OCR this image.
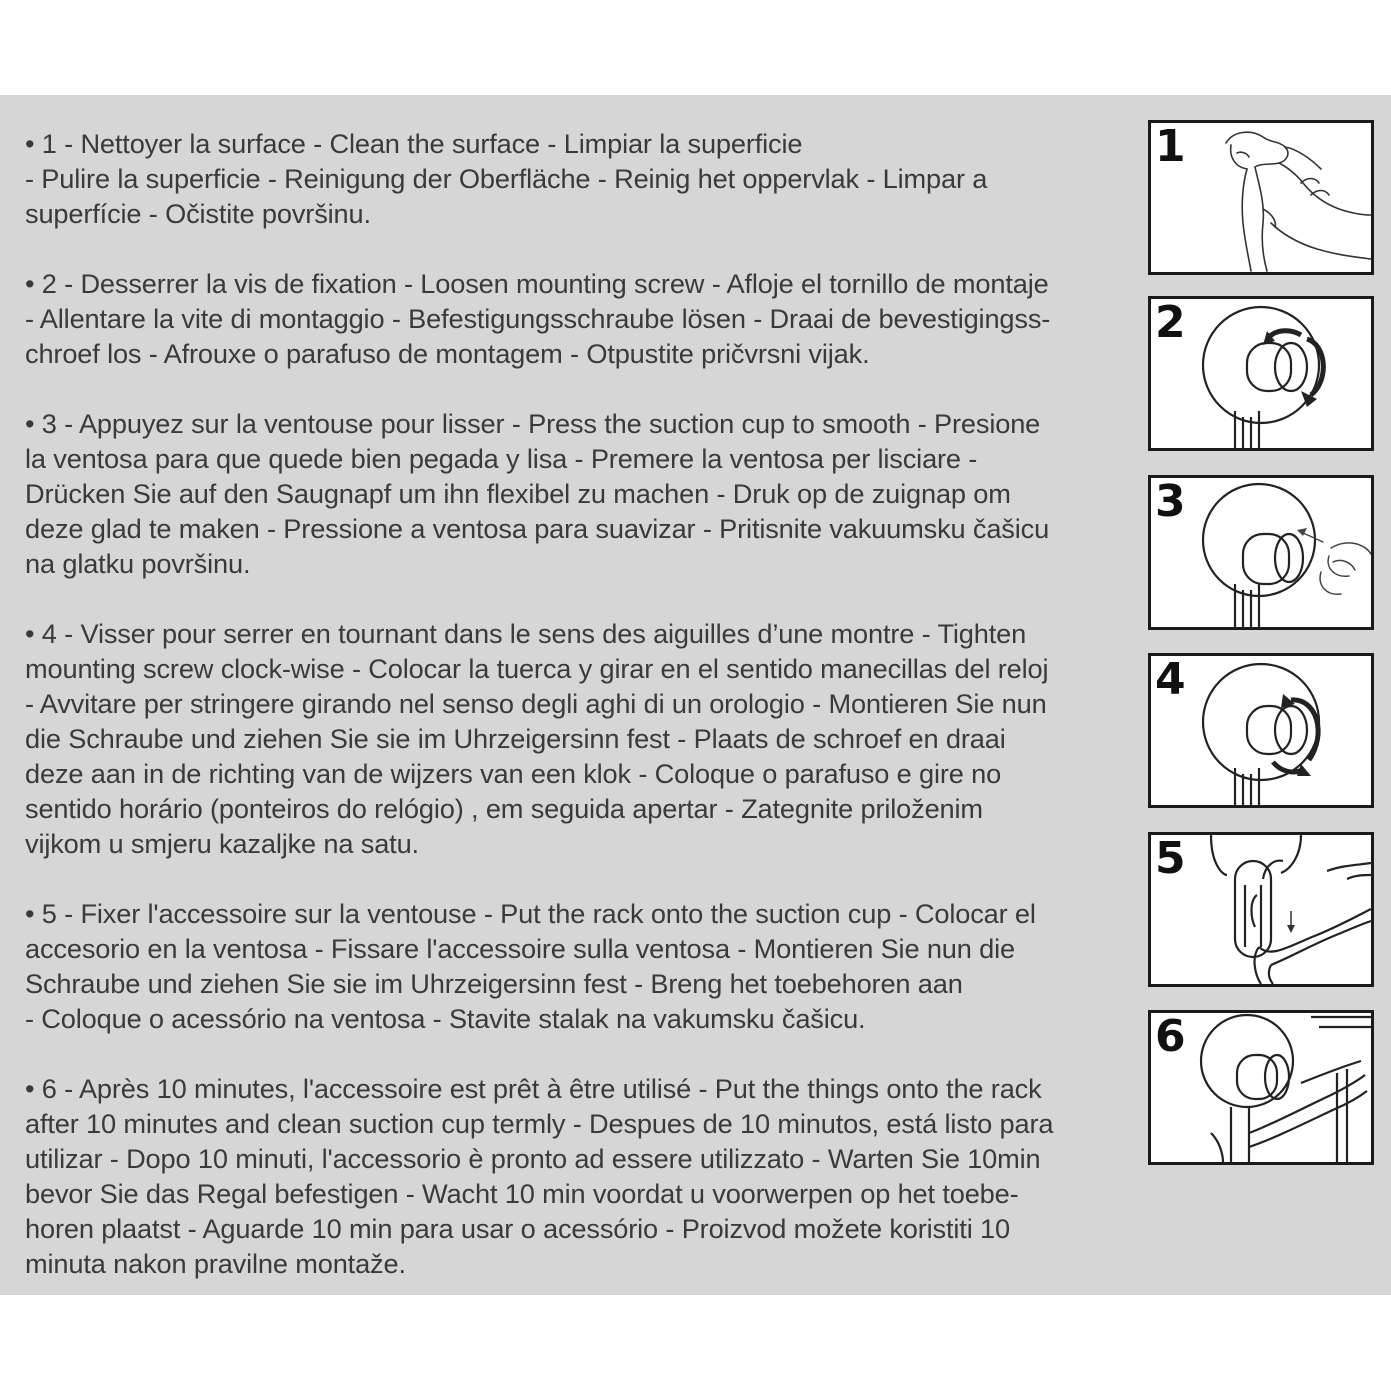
• 1 - Nettoyer la surface - Clean the surface - Limpiar la superficie
- Pulire la superficie - Reinigung der Oberfläche - Reinig het oppervlak - Limpar a
superfície - Očistite površinu.
• 2 - Desserrer la vis de fixation - Loosen mounting screw - Afloje el tornillo de montaje
- Allentare la vite di montaggio - Befestigungsschraube lösen - Draai de bevestigingss-
chroef los - Afrouxe o parafuso de montagem - Otpustite pričvrsni vijak.
• 3 - Appuyez sur la ventouse pour lisser - Press the suction cup to smooth - Presione
la ventosa para que quede bien pegada y lisa - Premere la ventosa per lisciare -
Drücken Sie auf den Saugnapf um ihn flexibel zu machen - Druk op de zuignap om
deze glad te maken - Pressione a ventosa para suavizar - Pritisnite vakuumsku čašicu
na glatku površinu.
• 4 - Visser pour serrer en tournant dans le sens des aiguilles d’une montre - Tighten
mounting screw clock-wise - Colocar la tuerca y girar en el sentido manecillas del reloj
- Avvitare per stringere girando nel senso degli aghi di un orologio - Montieren Sie nun
die Schraube und ziehen Sie sie im Uhrzeigersinn fest - Plaats de schroef en draai
deze aan in de richting van de wijzers van een klok - Coloque o parafuso e gire no
sentido horário (ponteiros do relógio) , em seguida apertar - Zategnite priloženim
vijkom u smjeru kazaljke na satu.
• 5 - Fixer l'accessoire sur la ventouse - Put the rack onto the suction cup - Colocar el
accesorio en la ventosa - Fissare l'accessoire sulla ventosa - Montieren Sie nun die
Schraube und ziehen Sie sie im Uhrzeigersinn fest - Breng het toebehoren aan
- Coloque o acessório na ventosa - Stavite stalak na vakumsku čašicu.
• 6 - Après 10 minutes, l'accessoire est prêt à être utilisé - Put the things onto the rack
after 10 minutes and clean suction cup termly - Despues de 10 minutos, está listo para
utilizar - Dopo 10 minuti, l'accessorio è pronto ad essere utilizzato - Warten Sie 10min
bevor Sie das Regal befestigen - Wacht 10 min voordat u voorwerpen op het toebe-
horen plaatst - Aguarde 10 min para usar o acessório - Proizvod možete koristiti 10
minuta nakon pravilne montaže.
1
2
3
4
5
6
